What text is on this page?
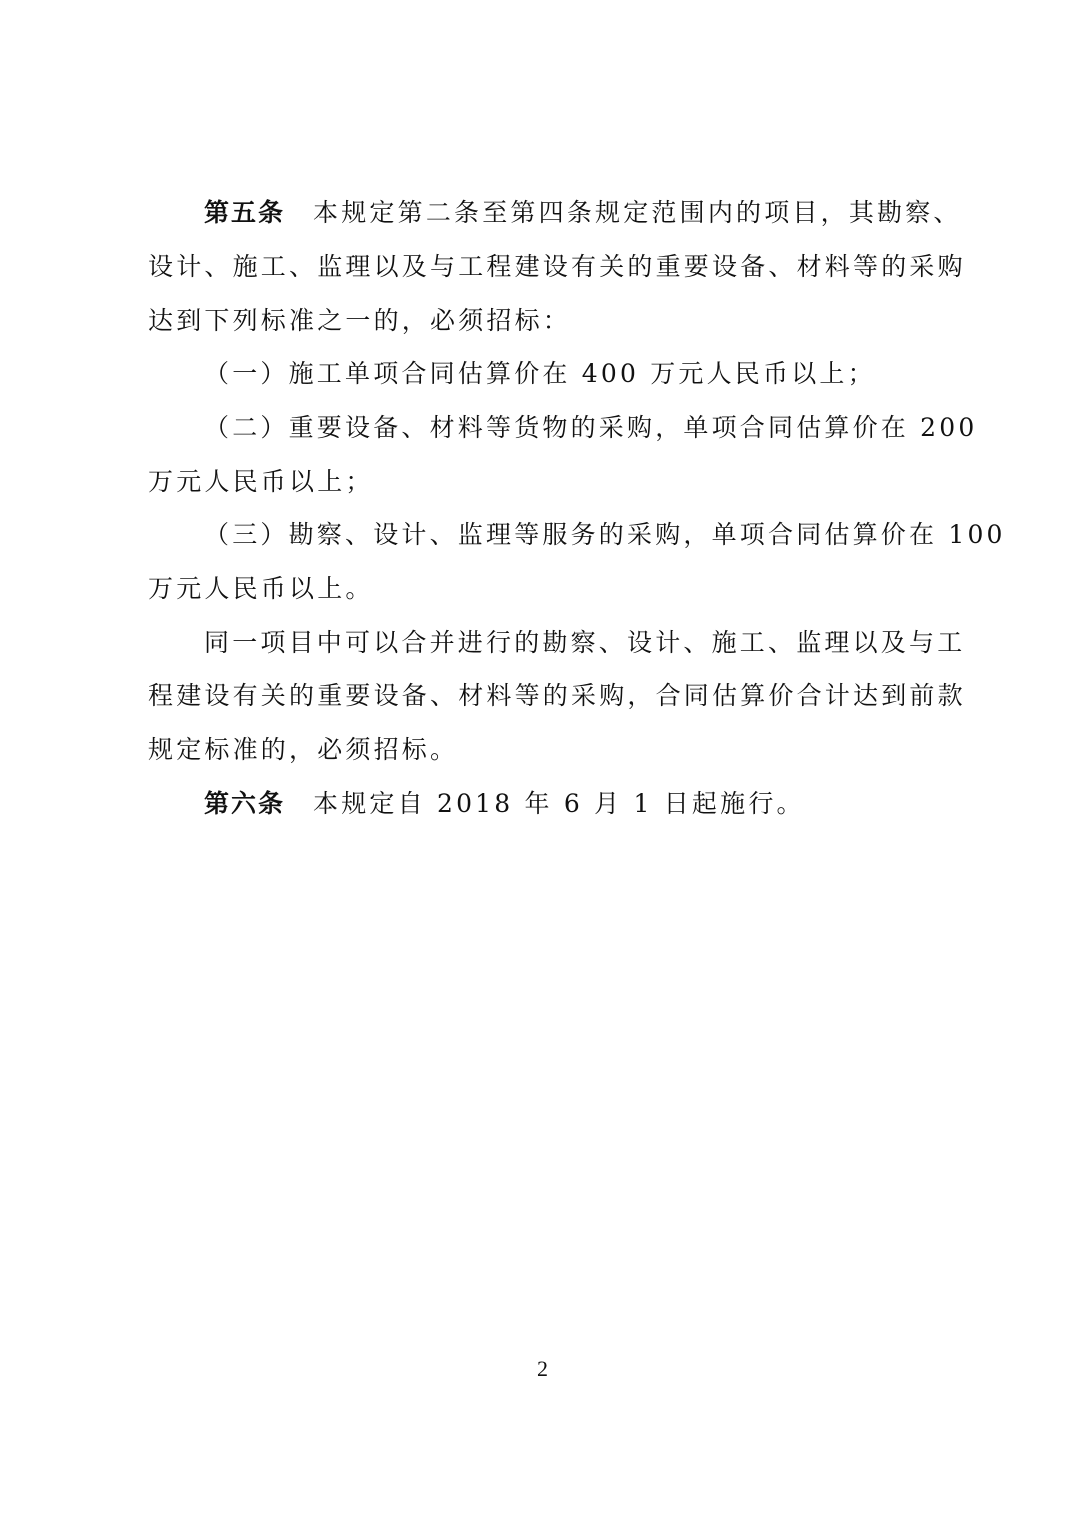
第五条 本规定第二条至第四条规定范围内的项目，其勘察、
设计、施工、监理以及与工程建设有关的重要设备、材料等的采购
达到下列标准之一的，必须招标：
（一）施工单项合同估算价在 400 万元人民币以上；
（二）重要设备、材料等货物的采购，单项合同估算价在 200
万元人民币以上；
（三）勘察、设计、监理等服务的采购，单项合同估算价在 100
万元人民币以上。
同一项目中可以合并进行的勘察、设计、施工、监理以及与工
程建设有关的重要设备、材料等的采购，合同估算价合计达到前款
规定标准的，必须招标。
第六条 本规定自 2018 年 6 月 1 日起施行。
2
